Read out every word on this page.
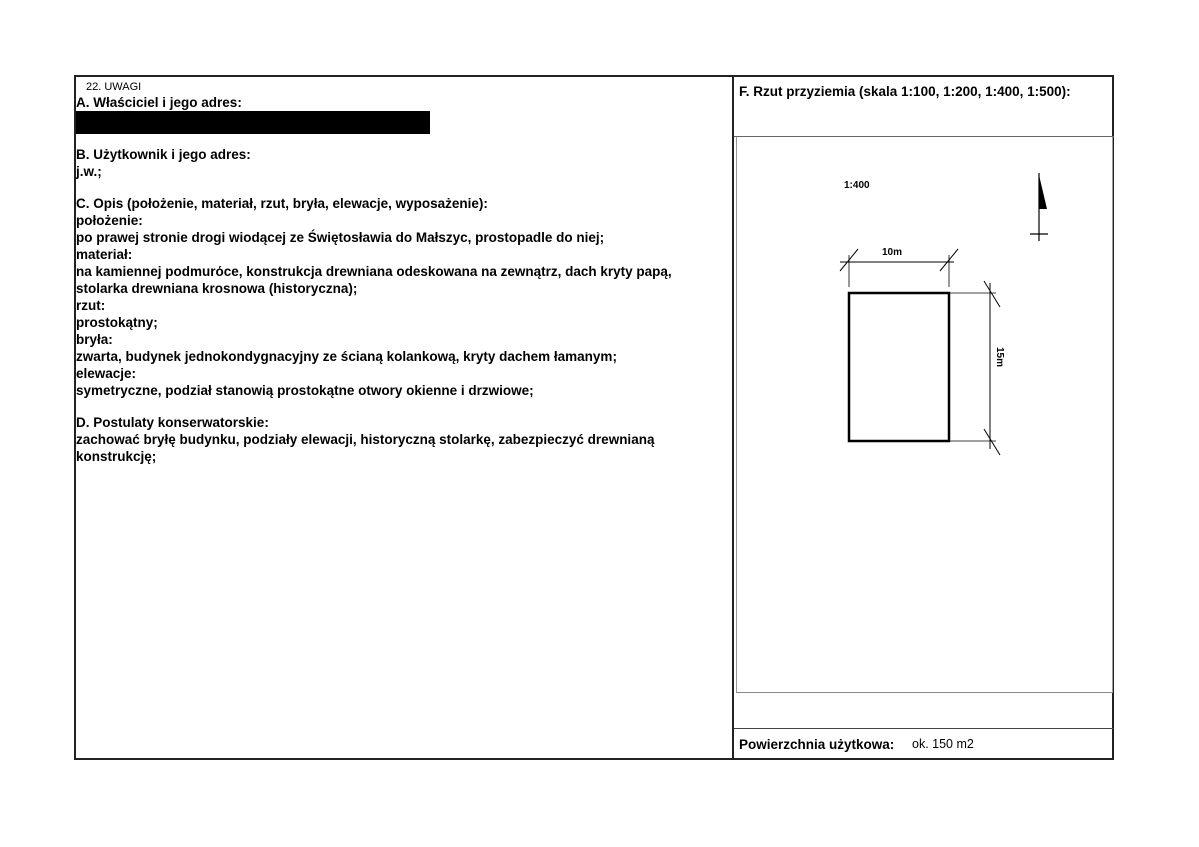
22. UWAGI
A. Właściciel i jego adres:
B. Użytkownik i jego adres:
j.w.;
C. Opis (położenie, materiał, rzut, bryła, elewacje, wyposażenie):
położenie:
po prawej stronie drogi wiodącej ze Świętosławia do Małszyc, prostopadle do niej;
materiał:
na kamiennej podmurόce, konstrukcja drewniana odeskowana na zewnątrz, dach kryty papą,
stolarka drewniana krosnowa (historyczna);
rzut:
prostokątny;
bryła:
zwarta, budynek jednokondygnacyjny ze ścianą kolankową, kryty dachem łamanym;
elewacje:
symetryczne, podział stanowią prostokątne otwory okienne i drzwiowe;
D. Postulaty konserwatorskie:
zachować bryłę budynku, podziały elewacji, historyczną stolarkę, zabezpieczyć drewnianą
konstrukcję;
F. Rzut przyziemia (skala 1:100, 1:200, 1:400, 1:500):
1:400
10m
15m
Powierzchnia użytkowa: ok. 150 m2
